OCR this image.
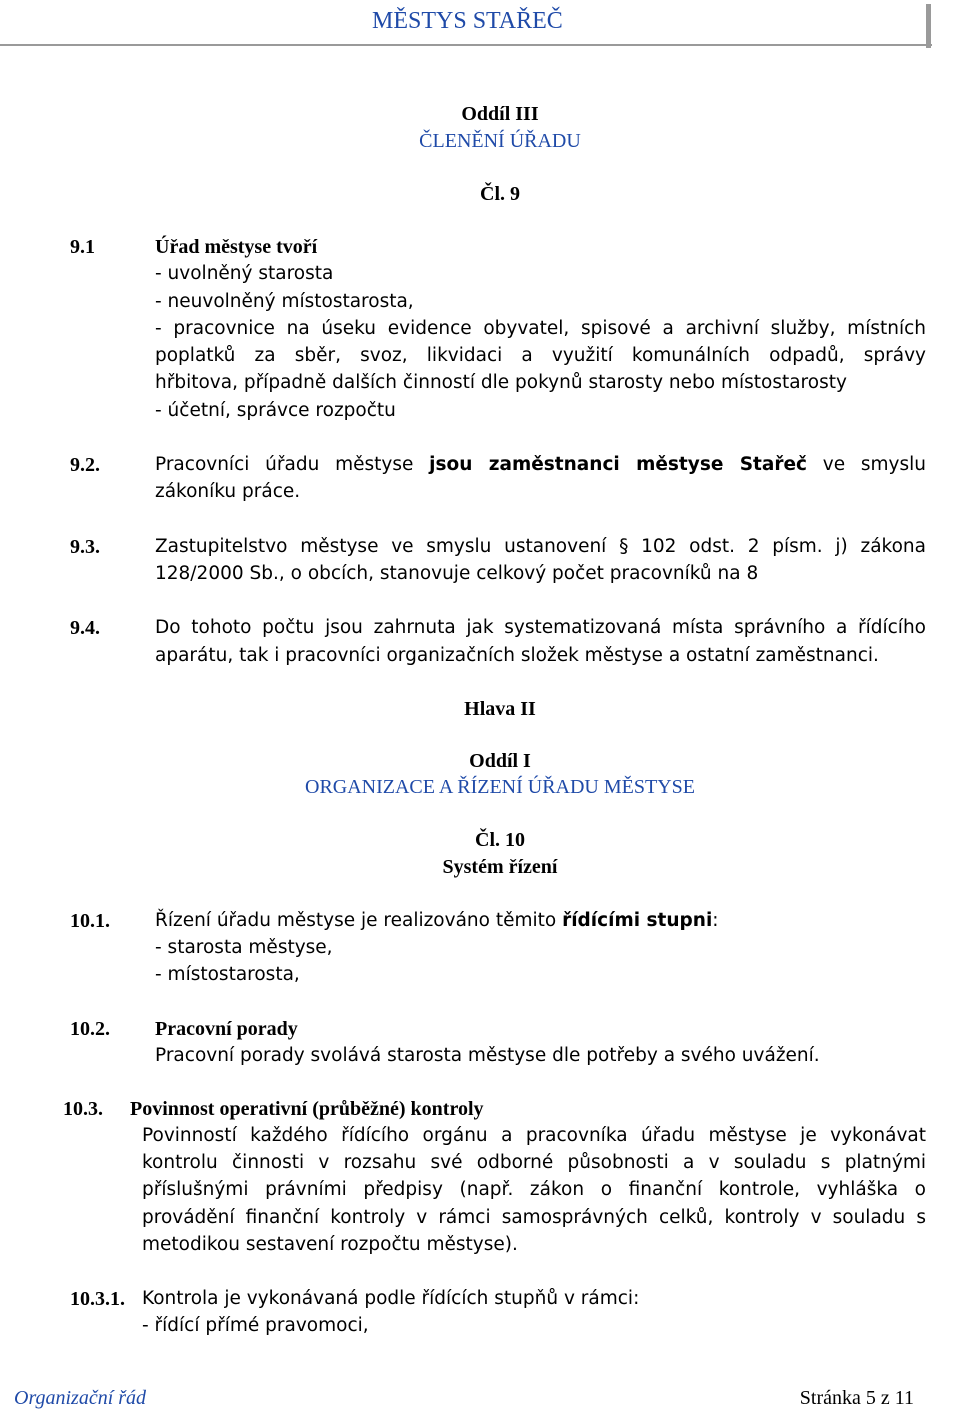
MĚSTYS STAŘEČ
Oddíl III
ČLENĚNÍ ÚŘADU
Čl. 9
9.1	Úřad městyse tvoří
- uvolněný starosta
- neuvolněný místostarosta,
- pracovnice na úseku evidence obyvatel, spisové a archivní služby, místních
poplatků za sběr, svoz, likvidaci a využití komunálních odpadů, správy
hřbitova, případně dalších činností dle pokynů starosty nebo místostarosty
- účetní, správce rozpočtu
9.2.	Pracovníci úřadu městyse jsou zaměstnanci městyse Stařeč ve smyslu
zákoníku práce.
9.3.	Zastupitelstvo městyse ve smyslu ustanovení § 102 odst. 2 písm. j) zákona
128/2000 Sb., o obcích, stanovuje celkový počet pracovníků na 8
9.4.	Do tohoto počtu jsou zahrnuta jak systematizovaná místa správního a řídícího
aparátu, tak i pracovníci organizačních složek městyse a ostatní zaměstnanci.
Hlava II
Oddíl I
ORGANIZACE A ŘÍZENÍ ÚŘADU MĚSTYSE
Čl. 10
Systém řízení
10.1. Řízení úřadu městyse je realizováno těmito řídícími stupni:
- starosta městyse,
- místostarosta,
10.2. Pracovní porady
Pracovní porady svolává starosta městyse dle potřeby a svého uvážení.
10.3. Povinnost operativní (průběžné) kontroly
Povinností každého řídícího orgánu a pracovníka úřadu městyse je vykonávat
kontrolu činnosti v rozsahu své odborné působnosti a v souladu s platnými
příslušnými právními předpisy (např. zákon o finanční kontrole, vyhláška o
provádění finanční kontroly v rámci samosprávných celků, kontroly v souladu s
metodikou sestavení rozpočtu městyse).
10.3.1. Kontrola je vykonávaná podle řídících stupňů v rámci:
- řídící přímé pravomoci,
Organizační řád	Stránka 5 z 11
